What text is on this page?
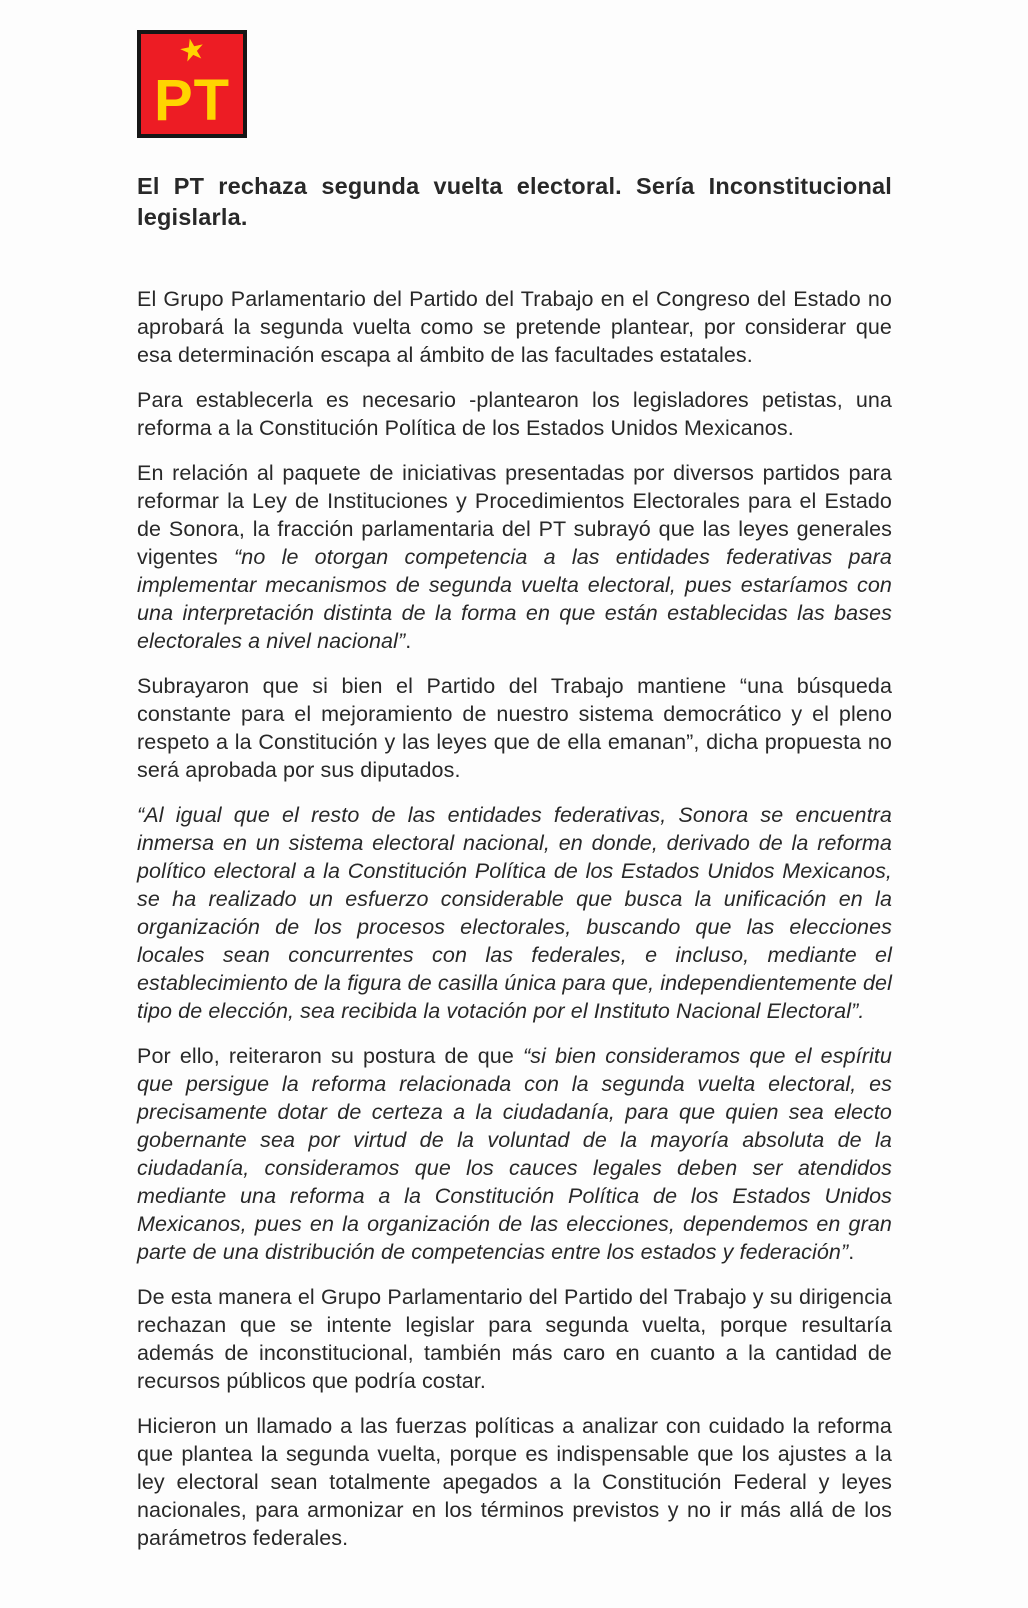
★
PT
El PT rechaza segunda vuelta electoral. Sería Inconstitucional legislarla.

El Grupo Parlamentario del Partido del Trabajo en el Congreso del Estado no aprobará la segunda vuelta como se pretende plantear, por considerar que esa determinación escapa al ámbito de las facultades estatales.

Para establecerla es necesario -plantearon los legisladores petistas, una reforma a la Constitución Política de los Estados Unidos Mexicanos.

En relación al paquete de iniciativas presentadas por diversos partidos para reformar la Ley de Instituciones y Procedimientos Electorales para el Estado de Sonora, la fracción parlamentaria del PT subrayó que las leyes generales vigentes “no le otorgan competencia a las entidades federativas para implementar mecanismos de segunda vuelta electoral, pues estaríamos con una interpretación distinta de la forma en que están establecidas las bases electorales a nivel nacional”.

Subrayaron que si bien el Partido del Trabajo mantiene “una búsqueda constante para el mejoramiento de nuestro sistema democrático y el pleno respeto a la Constitución y las leyes que de ella emanan”, dicha propuesta no será aprobada por sus diputados.

“Al igual que el resto de las entidades federativas, Sonora se encuentra inmersa en un sistema electoral nacional, en donde, derivado de la reforma político electoral a la Constitución Política de los Estados Unidos Mexicanos, se ha realizado un esfuerzo considerable que busca la unificación en la organización de los procesos electorales, buscando que las elecciones locales sean concurrentes con las federales, e incluso, mediante el establecimiento de la figura de casilla única para que, independientemente del tipo de elección, sea recibida la votación por el Instituto Nacional Electoral”.

Por ello, reiteraron su postura de que “si bien consideramos que el espíritu que persigue la reforma relacionada con la segunda vuelta electoral, es precisamente dotar de certeza a la ciudadanía, para que quien sea electo gobernante sea por virtud de la voluntad de la mayoría absoluta de la ciudadanía, consideramos que los cauces legales deben ser atendidos mediante una reforma a la Constitución Política de los Estados Unidos Mexicanos, pues en la organización de las elecciones, dependemos en gran parte de una distribución de competencias entre los estados y federación”.

De esta manera el Grupo Parlamentario del Partido del Trabajo y su dirigencia rechazan que se intente legislar para segunda vuelta, porque resultaría además de inconstitucional, también más caro en cuanto a la cantidad de recursos públicos que podría costar.

Hicieron un llamado a las fuerzas políticas a analizar con cuidado la reforma que plantea la segunda vuelta, porque es indispensable que los ajustes a la ley electoral sean totalmente apegados a la Constitución Federal y leyes nacionales, para armonizar en los términos previstos y no ir más allá de los parámetros federales.
